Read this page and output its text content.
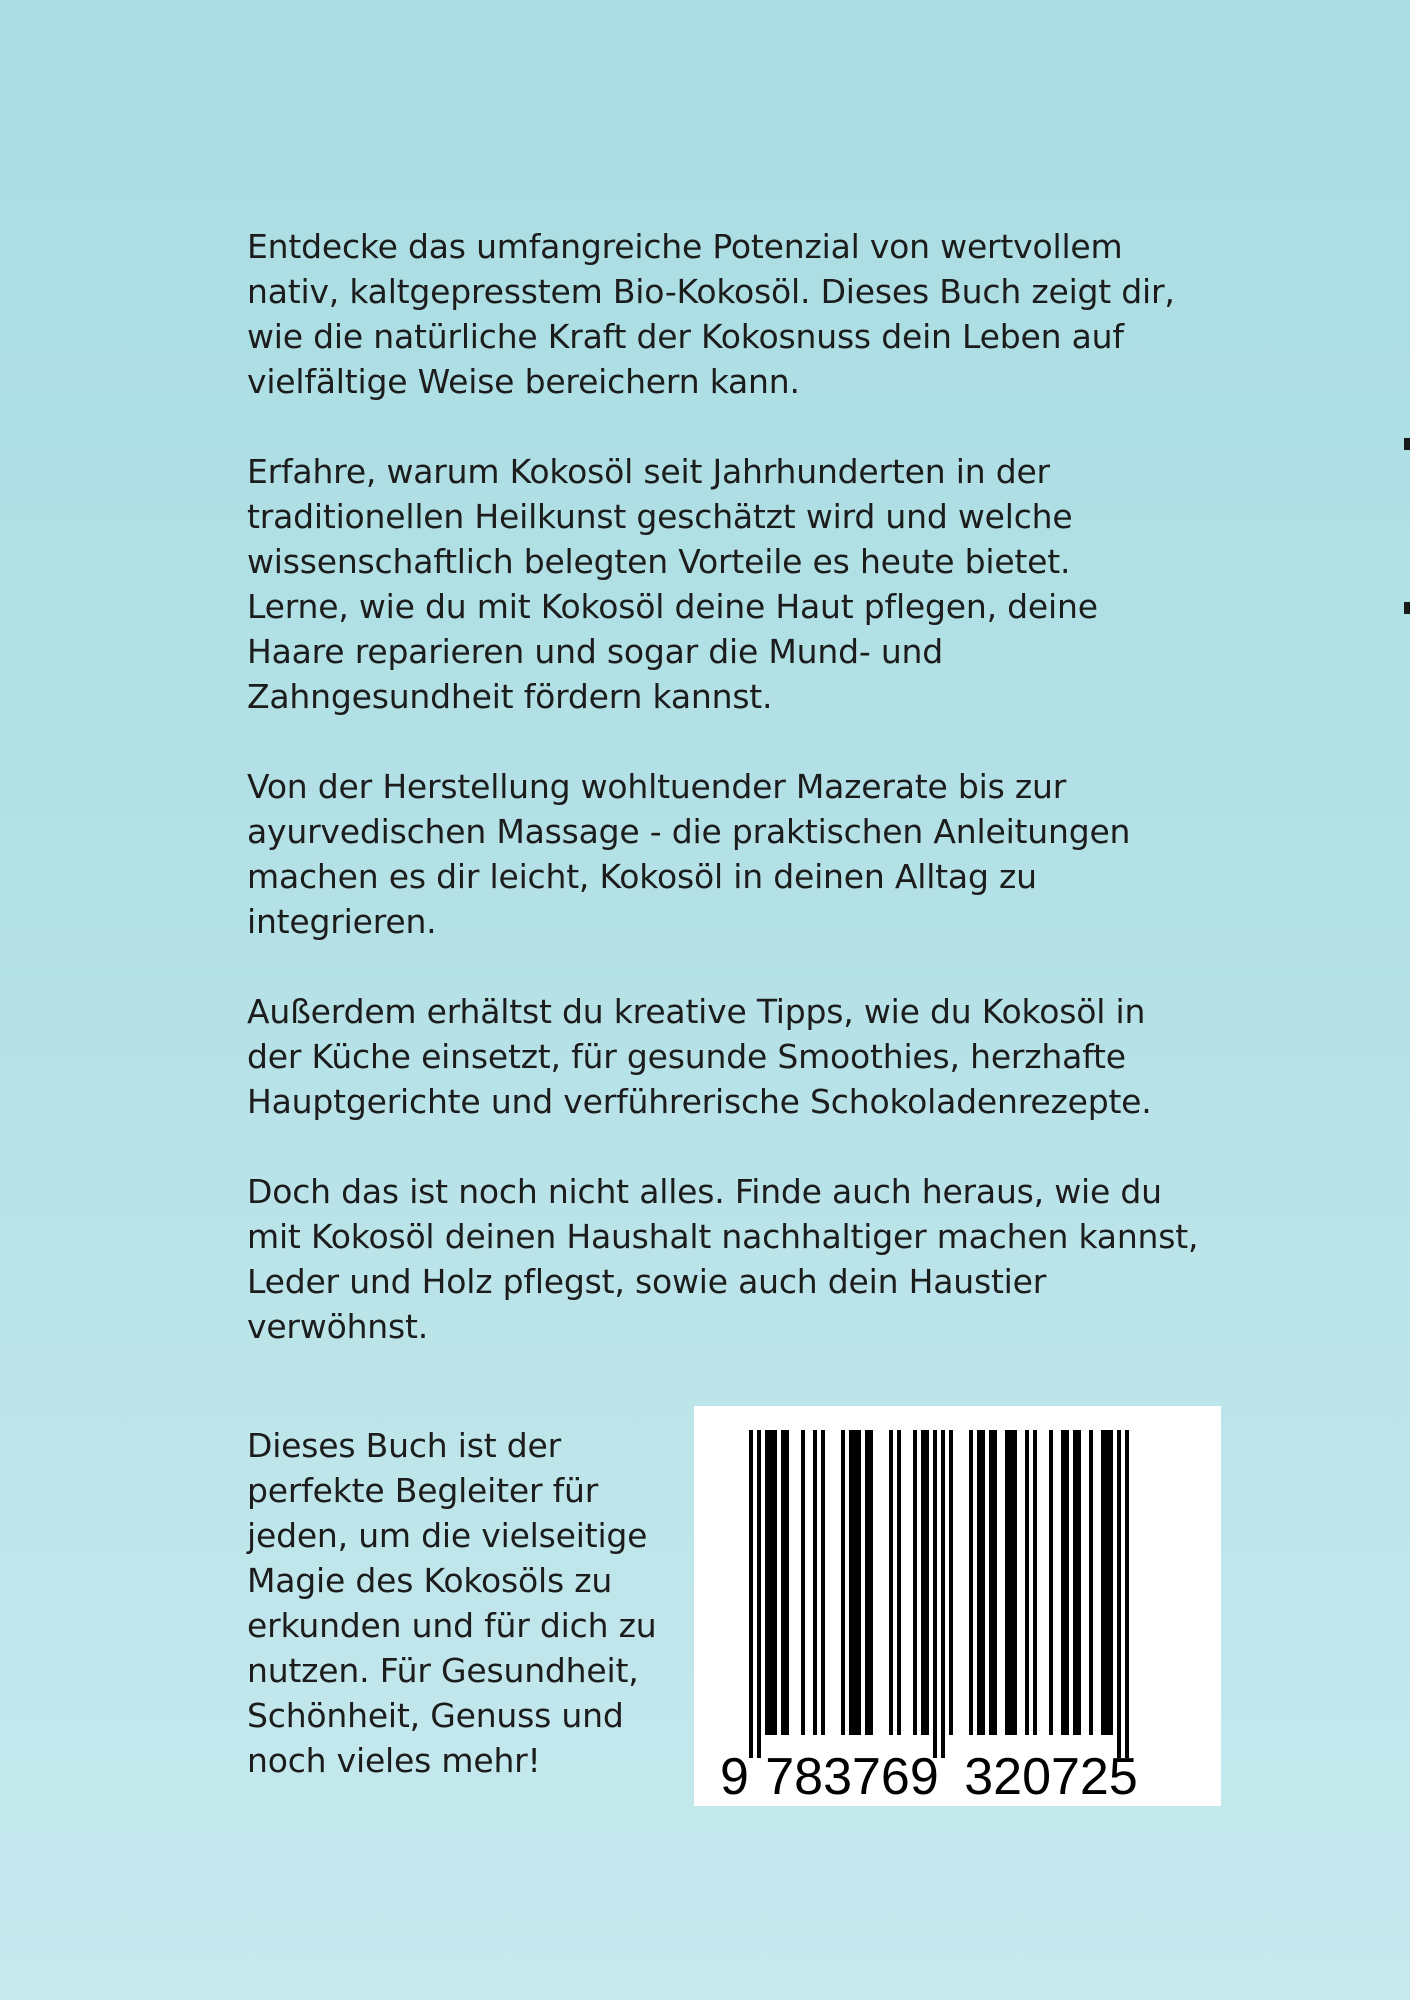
Entdecke das umfangreiche Potenzial von wertvollem
nativ, kaltgepresstem Bio-Kokosöl. Dieses Buch zeigt dir,
wie die natürliche Kraft der Kokosnuss dein Leben auf
vielfältige Weise bereichern kann.

Erfahre, warum Kokosöl seit Jahrhunderten in der
traditionellen Heilkunst geschätzt wird und welche
wissenschaftlich belegten Vorteile es heute bietet.
Lerne, wie du mit Kokosöl deine Haut pflegen, deine
Haare reparieren und sogar die Mund- und
Zahngesundheit fördern kannst.

Von der Herstellung wohltuender Mazerate bis zur
ayurvedischen Massage - die praktischen Anleitungen
machen es dir leicht, Kokosöl in deinen Alltag zu
integrieren.

Außerdem erhältst du kreative Tipps, wie du Kokosöl in
der Küche einsetzt, für gesunde Smoothies, herzhafte
Hauptgerichte und verführerische Schokoladenrezepte.

Doch das ist noch nicht alles. Finde auch heraus, wie du
mit Kokosöl deinen Haushalt nachhaltiger machen kannst,
Leder und Holz pflegst, sowie auch dein Haustier
verwöhnst.

Dieses Buch ist der
perfekte Begleiter für
jeden, um die vielseitige
Magie des Kokosöls zu
erkunden und für dich zu
nutzen. Für Gesundheit,
Schönheit, Genuss und
noch vieles mehr!	9 783769 320725
